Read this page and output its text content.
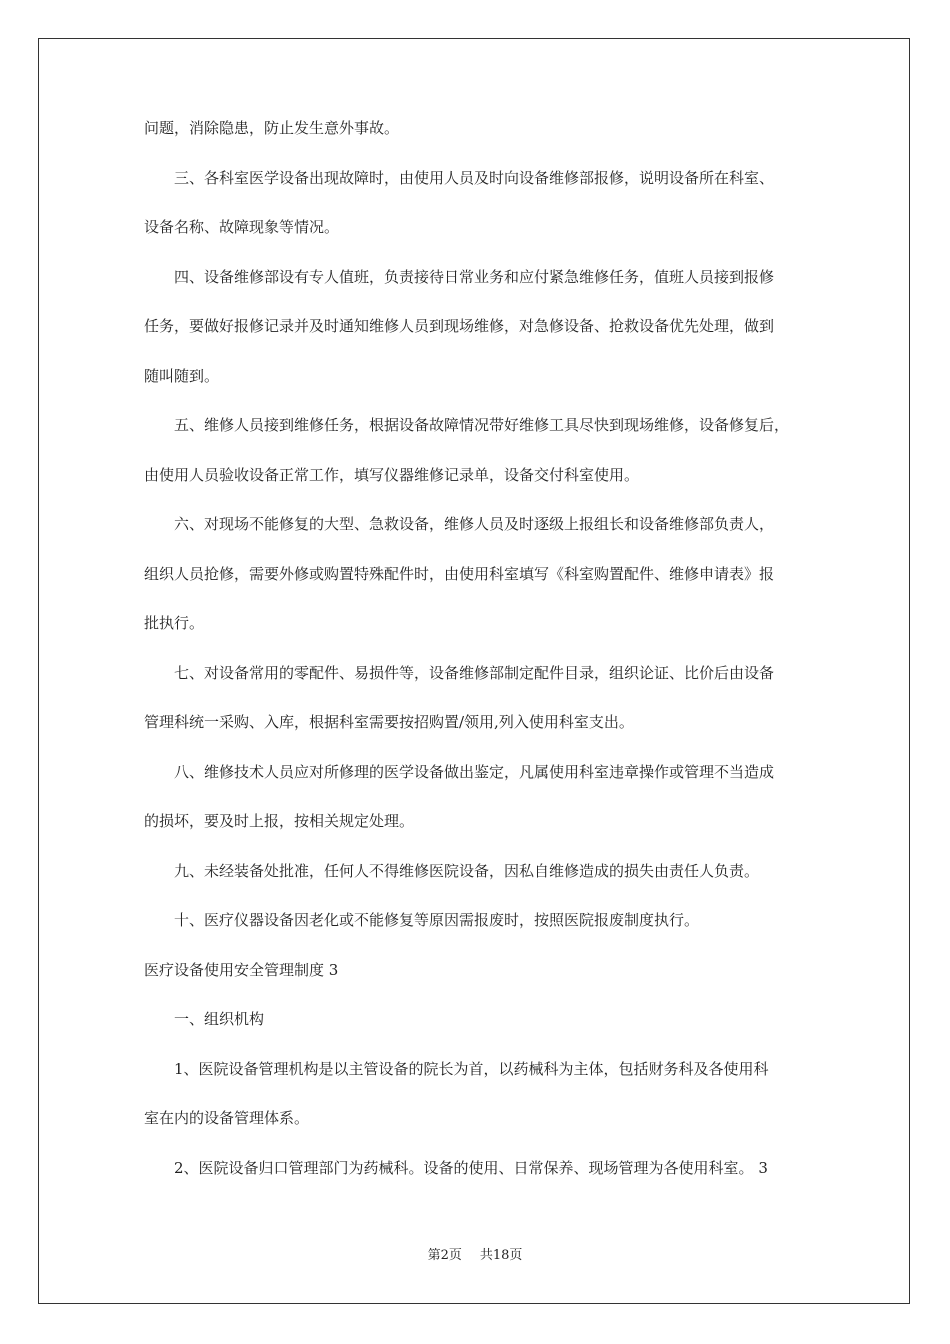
问题，消除隐患，防止发生意外事故。
三、各科室医学设备出现故障时，由使用人员及时向设备维修部报修，说明设备所在科室、
设备名称、故障现象等情况。
四、设备维修部设有专人值班，负责接待日常业务和应付紧急维修任务，值班人员接到报修
任务，要做好报修记录并及时通知维修人员到现场维修，对急修设备、抢救设备优先处理，做到
随叫随到。
五、维修人员接到维修任务，根据设备故障情况带好维修工具尽快到现场维修，设备修复后，
由使用人员验收设备正常工作，填写仪器维修记录单，设备交付科室使用。
六、对现场不能修复的大型、急救设备，维修人员及时逐级上报组长和设备维修部负责人，
组织人员抢修，需要外修或购置特殊配件时，由使用科室填写《科室购置配件、维修申请表》报
批执行。
七、对设备常用的零配件、易损件等，设备维修部制定配件目录，组织论证、比价后由设备
管理科统一采购、入库，根据科室需要按招购置/领用,列入使用科室支出。
八、维修技术人员应对所修理的医学设备做出鉴定，凡属使用科室违章操作或管理不当造成
的损坏，要及时上报，按相关规定处理。
九、未经装备处批准，任何人不得维修医院设备，因私自维修造成的损失由责任人负责。
十、医疗仪器设备因老化或不能修复等原因需报废时，按照医院报废制度执行。
医疗设备使用安全管理制度 3
一、组织机构
1、医院设备管理机构是以主管设备的院长为首，以药械科为主体，包括财务科及各使用科
室在内的设备管理体系。
2、医院设备归口管理部门为药械科。设备的使用、日常保养、现场管理为各使用科室。 3
第2页 共18页
